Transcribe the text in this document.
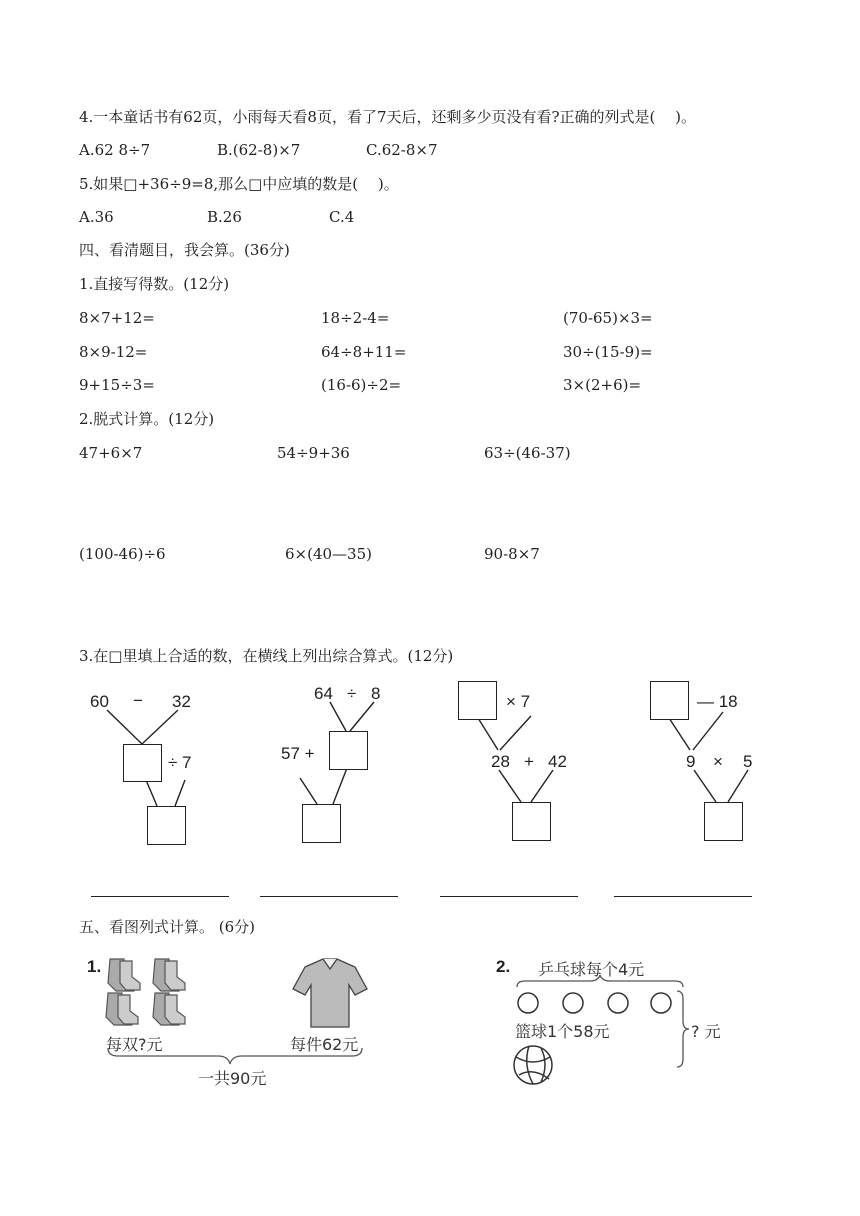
4.一本童话书有62页，小雨每天看8页，看了7天后，还剩多少页没有看?正确的列式是(　 )。
A.62 8÷7	B.(62-8)×7	C.62-8×7
5.如果□+36÷9=8,那么□中应填的数是(　 )。
A.36	B.26	C.4
四、看清题目，我会算。(36分)
1.直接写得数。(12分)
8×7+12=	18÷2-4=	(70-65)×3=
8×9-12=	64÷8+11=	30÷(15-9)=
9+15÷3=	(16-6)÷2=	3×(2+6)=
2.脱式计算。(12分)
47+6×7	54÷9+36	63÷(46-37)
(100-46)÷6	6×(40—35)	90-8×7
3.在□里填上合适的数，在横线上列出综合算式。(12分)
60 − 32
÷ 7
64 ÷ 8
57 +
× 7
28 + 42
— 18
9 × 5
五、看图列式计算。 (6分)
1.
每双?元	每件62元
一共90元
2. 乒乓球每个4元
篮球1个58元	? 元
